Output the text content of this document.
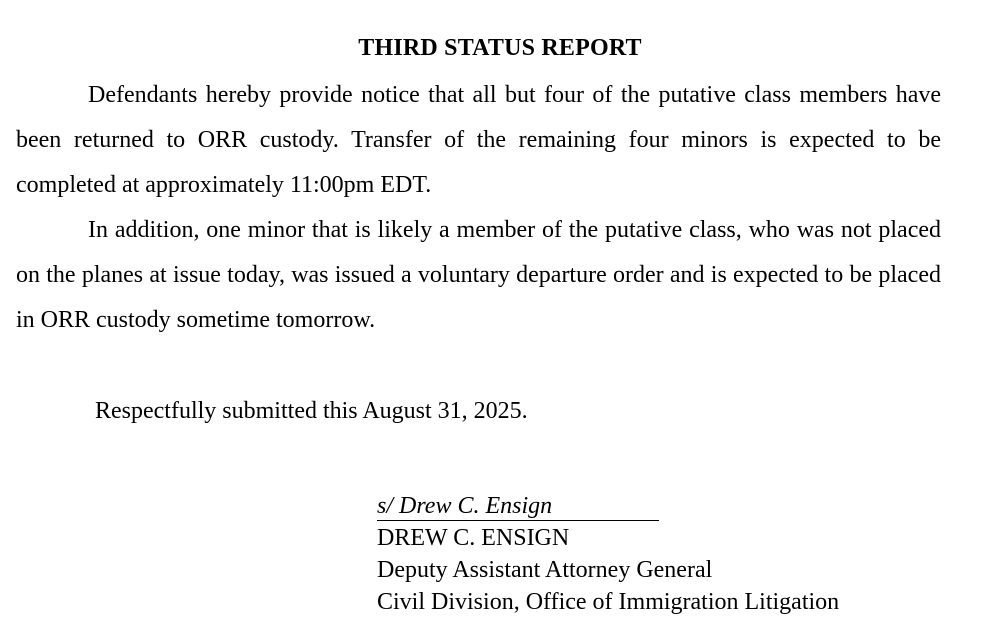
THIRD STATUS REPORT

Defendants hereby provide notice that all but four of the putative class members have been returned to ORR custody. Transfer of the remaining four minors is expected to be completed at approximately 11:00pm EDT.

In addition, one minor that is likely a member of the putative class, who was not placed on the planes at issue today, was issued a voluntary departure order and is expected to be placed in ORR custody sometime tomorrow.

Respectfully submitted this August 31, 2025.
s/ Drew C. Ensign
DREW C. ENSIGN
Deputy Assistant Attorney General
Civil Division, Office of Immigration Litigation
